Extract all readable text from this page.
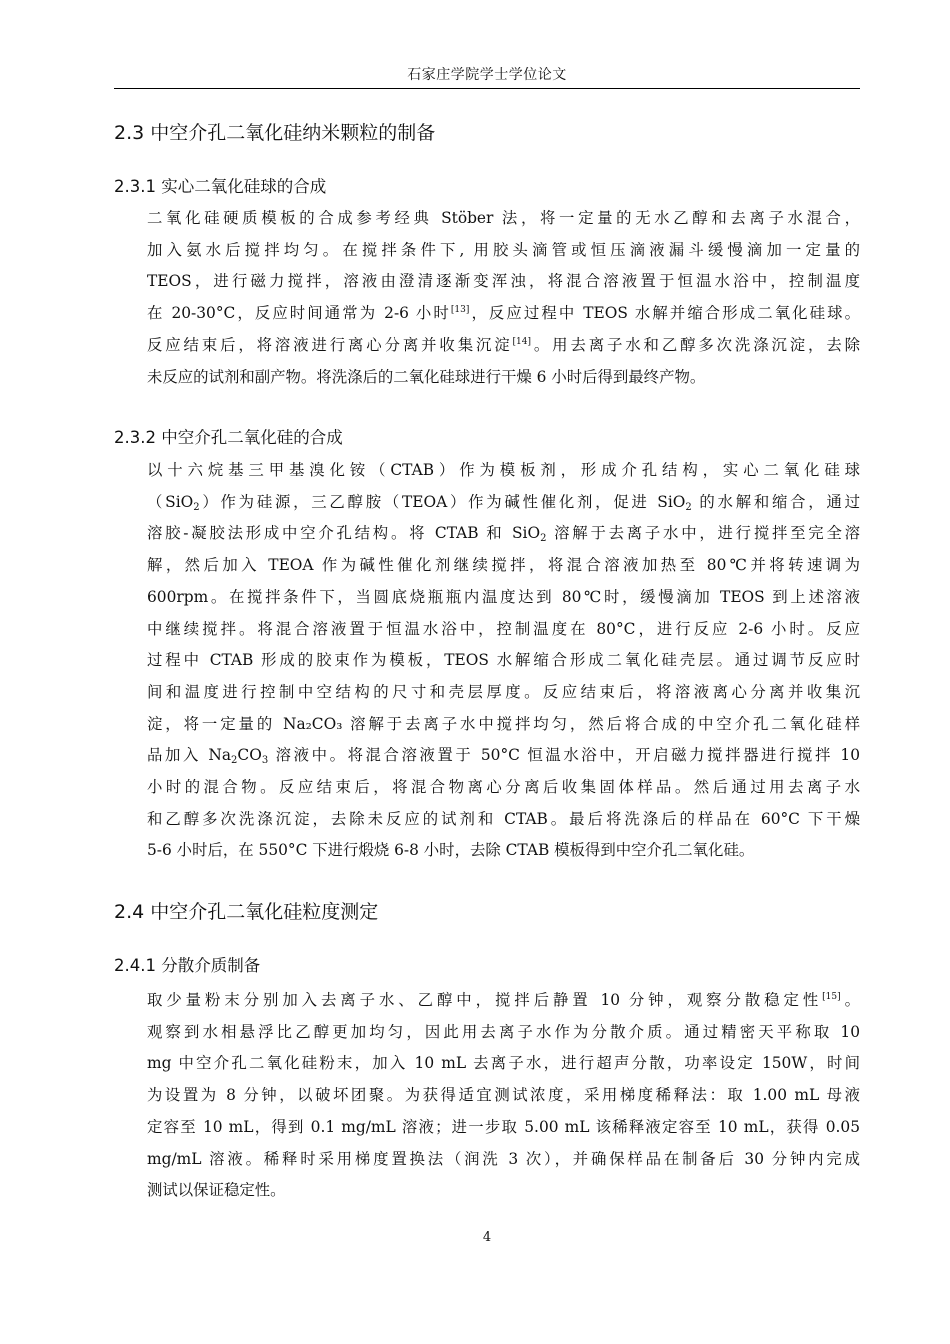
石家庄学院学士学位论文
2.3 中空介孔二氧化硅纳米颗粒的制备
2.3.1 实心二氧化硅球的合成
二氧化硅硬质模板的合成参考经典 Stöber 法，将一定量的无水乙醇和去离子水混合，
加入氨水后搅拌均匀。在搅拌条件下, 用胶头滴管或恒压滴液漏斗缓慢滴加一定量的
TEOS，进行磁力搅拌，溶液由澄清逐渐变浑浊，将混合溶液置于恒温水浴中，控制温度
在 20-30°C，反应时间通常为 2-6 小时[13]，反应过程中 TEOS 水解并缩合形成二氧化硅球。
反应结束后，将溶液进行离心分离并收集沉淀[14]。用去离子水和乙醇多次洗涤沉淀，去除
未反应的试剂和副产物。将洗涤后的二氧化硅球进行干燥 6 小时后得到最终产物。
2.3.2 中空介孔二氧化硅的合成
以十六烷基三甲基溴化铵（CTAB）作为模板剂，形成介孔结构，实心二氧化硅球
（SiO$_2$）作为硅源，三乙醇胺（TEOA）作为碱性催化剂，促进 SiO$_2$ 的水解和缩合，通过
溶胶-凝胶法形成中空介孔结构。将 CTAB 和 SiO$_2$ 溶解于去离子水中，进行搅拌至完全溶
解，然后加入 TEOA 作为碱性催化剂继续搅拌，将混合溶液加热至 80℃并将转速调为
600rpm。在搅拌条件下，当圆底烧瓶瓶内温度达到 80℃时，缓慢滴加 TEOS 到上述溶液
中继续搅拌。将混合溶液置于恒温水浴中，控制温度在 80°C，进行反应 2-6 小时。反应
过程中 CTAB 形成的胶束作为模板，TEOS 水解缩合形成二氧化硅壳层。通过调节反应时
间和温度进行控制中空结构的尺寸和壳层厚度。反应结束后，将溶液离心分离并收集沉
淀，将一定量的 Na₂CO₃ 溶解于去离子水中搅拌均匀，然后将合成的中空介孔二氧化硅样
品加入 $Na_2CO_3$ 溶液中。将混合溶液置于 50°C 恒温水浴中，开启磁力搅拌器进行搅拌 10
小时的混合物。反应结束后，将混合物离心分离后收集固体样品。然后通过用去离子水
和乙醇多次洗涤沉淀，去除未反应的试剂和 CTAB。最后将洗涤后的样品在 60°C 下干燥
5-6 小时后，在 550°C 下进行煅烧 6-8 小时，去除 CTAB 模板得到中空介孔二氧化硅。
2.4 中空介孔二氧化硅粒度测定
2.4.1 分散介质制备
取少量粉末分别加入去离子水、乙醇中，搅拌后静置 10 分钟，观察分散稳定性[15]。
观察到水相悬浮比乙醇更加均匀，因此用去离子水作为分散介质。通过精密天平称取 10
mg 中空介孔二氧化硅粉末，加入 10 mL 去离子水，进行超声分散，功率设定 150W，时间
为设置为 8 分钟，以破坏团聚。为获得适宜测试浓度，采用梯度稀释法：取 1.00 mL 母液
定容至 10 mL，得到 0.1 mg/mL 溶液；进一步取 5.00 mL 该稀释液定容至 10 mL，获得 0.05
mg/mL 溶液。稀释时采用梯度置换法（润洗 3 次），并确保样品在制备后 30 分钟内完成
测试以保证稳定性。
4
